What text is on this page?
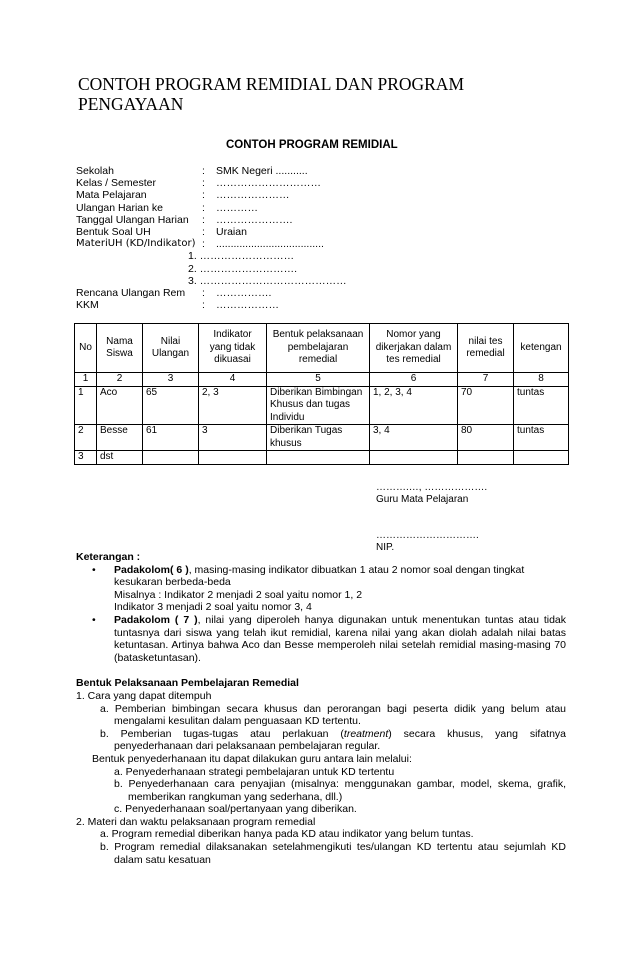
CONTOH PROGRAM REMIDIAL DAN PROGRAM PENGAYAAN
CONTOH PROGRAM REMIDIAL
Sekolah	: SMK Negeri ...........
Kelas / Semester	: …………………………
Mata Pelajaran	: …………………
Ulangan Harian ke	: …………
Tanggal Ulangan Harian : ………………….
Bentuk Soal UH	: Uraian
MateriUH (KD/Indikator) : .....................................
1. ………………………
2. ……………………….
3. ……………………………………
Rencana Ulangan Rem : …………….
KKM	: ………………
No	Nama Siswa	Nilai Ulangan	Indikator yang tidak dikuasai	Bentuk pelaksanaan pembelajaran remedial	Nomor yang dikerjakan dalam tes remedial	nilai tes remedial	ketengan
1	2	3	4	5	6	7	8
1	Aco	65	2, 3	Diberikan Bimbingan Khusus dan tugas Individu	1, 2, 3, 4	70	tuntas
2	Besse	61	3	Diberikan Tugas khusus	3, 4	80	tuntas
3	dst						
……….…, ……………….
Guru Mata Pelajaran
………………………….
NIP.

Keterangan :

• Padakolom( 6 ), masing-masing indikator dibuatkan 1 atau 2 nomor soal dengan tingkat kesukaran berbeda-beda

Misalnya : Indikator 2 menjadi 2 soal yaitu nomor 1, 2

Indikator 3 menjadi 2 soal yaitu nomor 3, 4

• Padakolom ( 7 ), nilai yang diperoleh hanya digunakan untuk menentukan tuntas atau tidak tuntasnya dari siswa yang telah ikut remidial, karena nilai yang akan diolah adalah nilai batas ketuntasan. Artinya bahwa Aco dan Besse memperoleh nilai setelah remidial masing-masing 70 (batasketuntasan).

Bentuk Pelaksanaan Pembelajaran Remedial

1. Cara yang dapat ditempuh

a. Pemberian bimbingan secara khusus dan perorangan bagi peserta didik yang belum atau mengalami kesulitan dalam penguasaan KD tertentu.

b. Pemberian tugas-tugas atau perlakuan (treatment) secara khusus, yang sifatnya penyederhanaan dari pelaksanaan pembelajaran regular.

Bentuk penyederhanaan itu dapat dilakukan guru antara lain melalui:

a. Penyederhanaan strategi pembelajaran untuk KD tertentu

b. Penyederhanaan cara penyajian (misalnya: menggunakan gambar, model, skema, grafik, memberikan rangkuman yang sederhana, dll.)

c. Penyederhanaan soal/pertanyaan yang diberikan.

2. Materi dan waktu pelaksanaan program remedial

a. Program remedial diberikan hanya pada KD atau indikator yang belum tuntas.

b. Program remedial dilaksanakan setelahmengikuti tes/ulangan KD tertentu atau sejumlah KD dalam satu kesatuan
